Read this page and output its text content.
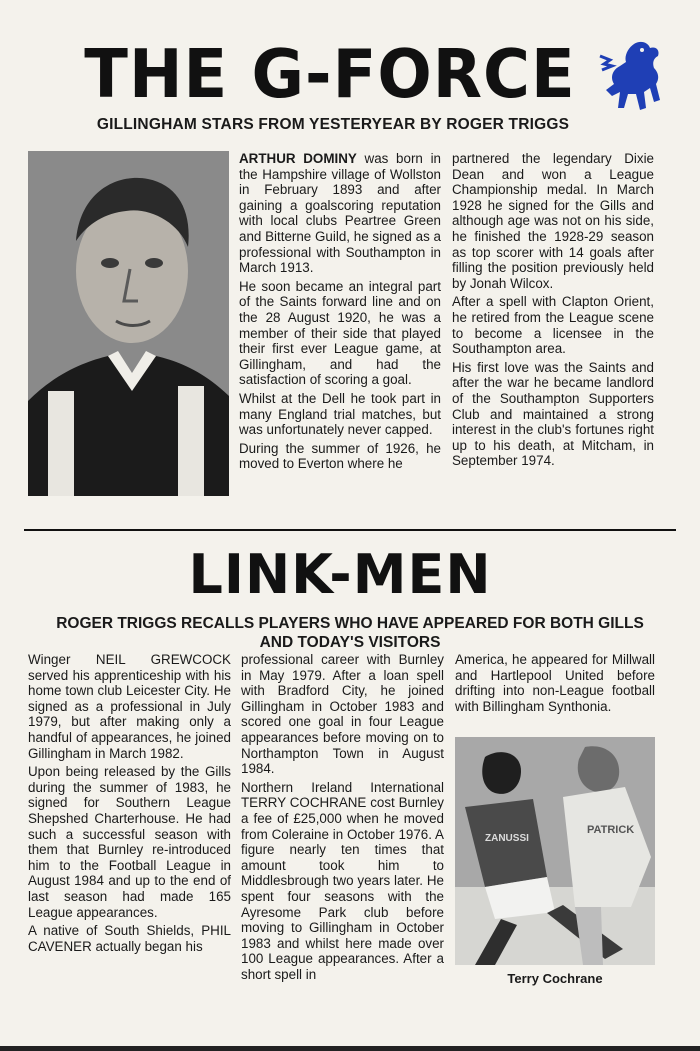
THE G-FORCE
GILLINGHAM STARS FROM YESTERYEAR BY ROGER TRIGGS

ARTHUR DOMINY was born in the Hampshire village of Wollston in February 1893 and after gaining a goalscoring reputation with local clubs Peartree Green and Bitterne Guild, he signed as a professional with Southampton in March 1913.

He soon became an integral part of the Saints forward line and on the 28 August 1920, he was a member of their side that played their first ever League game, at Gillingham, and had the satisfaction of scoring a goal.

Whilst at the Dell he took part in many England trial matches, but was unfortunately never capped.

During the summer of 1926, he moved to Everton where he

partnered the legendary Dixie Dean and won a League Championship medal. In March 1928 he signed for the Gills and although age was not on his side, he finished the 1928-29 season as top scorer with 14 goals after filling the position previously held by Jonah Wilcox.

After a spell with Clapton Orient, he retired from the League scene to become a licensee in the Southampton area.

His first love was the Saints and after the war he became landlord of the Southampton Supporters Club and maintained a strong interest in the club's fortunes right up to his death, at Mitcham, in September 1974.

LINK-MEN
ROGER TRIGGS RECALLS PLAYERS WHO HAVE APPEARED FOR BOTH GILLS AND TODAY'S VISITORS

Winger NEIL GREWCOCK served his apprenticeship with his home town club Leicester City. He signed as a professional in July 1979, but after making only a handful of appearances, he joined Gillingham in March 1982.

Upon being released by the Gills during the summer of 1983, he signed for Southern League Shepshed Charterhouse. He had such a successful season with them that Burnley re-introduced him to the Football League in August 1984 and up to the end of last season had made 165 League appearances.

A native of South Shields, PHIL CAVENER actually began his

professional career with Burnley in May 1979. After a loan spell with Bradford City, he joined Gillingham in October 1983 and scored one goal in four League appearances before moving on to Northampton Town in August 1984.

Northern Ireland International TERRY COCHRANE cost Burnley a fee of £25,000 when he moved from Coleraine in October 1976. A figure nearly ten times that amount took him to Middlesbrough two years later. He spent four seasons with the Ayresome Park club before moving to Gillingham in October 1983 and whilst here made over 100 League appearances. After a short spell in

America, he appeared for Millwall and Hartlepool United before drifting into non-League football with Billingham Synthonia.

PATRICK
ZANUSSI
Terry Cochrane
